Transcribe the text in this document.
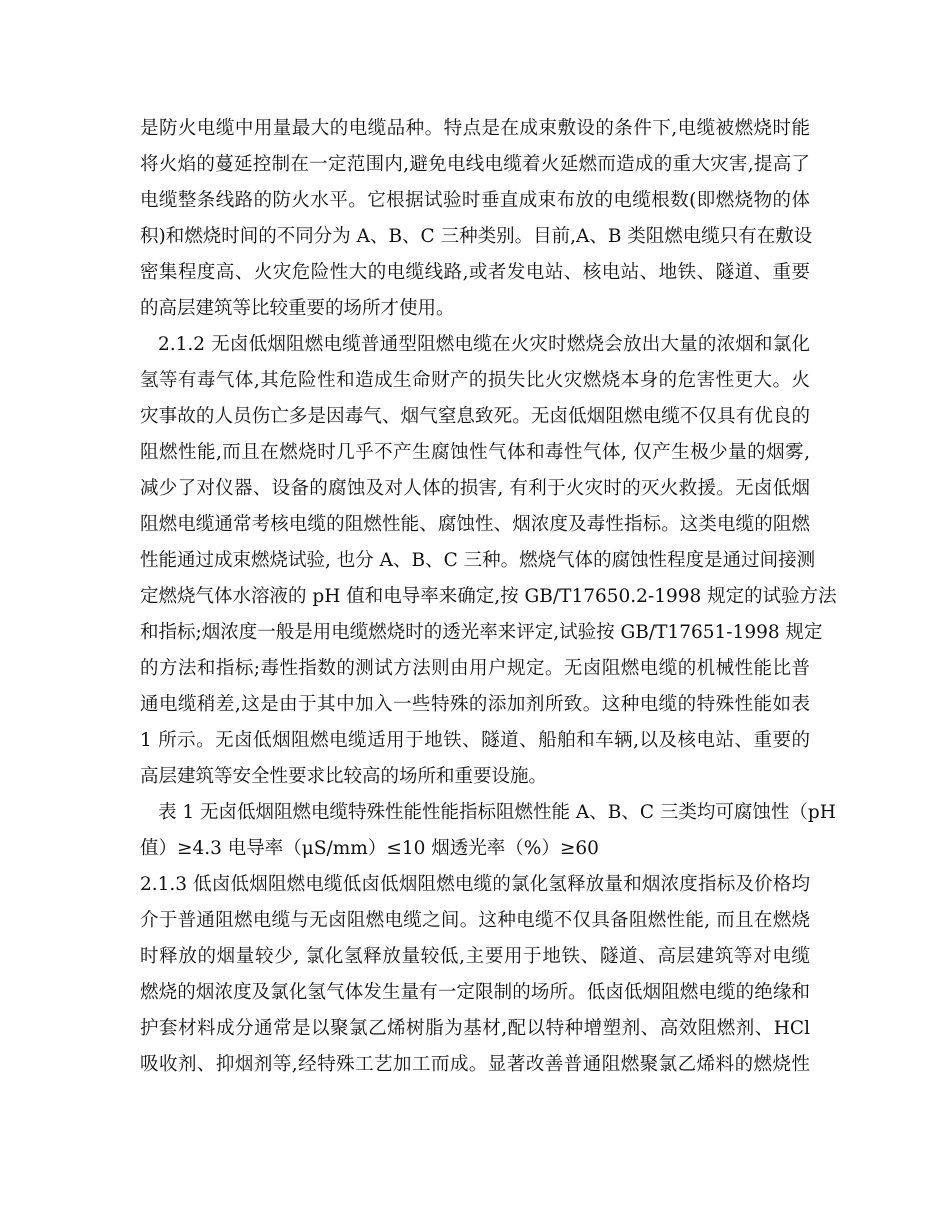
是防火电缆中用量最大的电缆品种。特点是在成束敷设的条件下,电缆被燃烧时能
将火焰的蔓延控制在一定范围内,避免电线电缆着火延燃而造成的重大灾害,提高了
电缆整条线路的防火水平。它根据试验时垂直成束布放的电缆根数(即燃烧物的体
积)和燃烧时间的不同分为 A、B、C 三种类别。目前,A、B 类阻燃电缆只有在敷设
密集程度高、火灾危险性大的电缆线路,或者发电站、核电站、地铁、隧道、重要
的高层建筑等比较重要的场所才使用。
2.1.2 无卤低烟阻燃电缆普通型阻燃电缆在火灾时燃烧会放出大量的浓烟和氯化
氢等有毒气体,其危险性和造成生命财产的损失比火灾燃烧本身的危害性更大。火
灾事故的人员伤亡多是因毒气、烟气窒息致死。无卤低烟阻燃电缆不仅具有优良的
阻燃性能,而且在燃烧时几乎不产生腐蚀性气体和毒性气体, 仅产生极少量的烟雾,
减少了对仪器、设备的腐蚀及对人体的损害, 有利于火灾时的灭火救援。无卤低烟
阻燃电缆通常考核电缆的阻燃性能、腐蚀性、烟浓度及毒性指标。这类电缆的阻燃
性能通过成束燃烧试验, 也分 A、B、C 三种。燃烧气体的腐蚀性程度是通过间接测
定燃烧气体水溶液的 pH 值和电导率来确定,按 GB/T17650.2-1998 规定的试验方法
和指标;烟浓度一般是用电缆燃烧时的透光率来评定,试验按 GB/T17651-1998 规定
的方法和指标;毒性指数的测试方法则由用户规定。无卤阻燃电缆的机械性能比普
通电缆稍差,这是由于其中加入一些特殊的添加剂所致。这种电缆的特殊性能如表
1 所示。无卤低烟阻燃电缆适用于地铁、隧道、船舶和车辆,以及核电站、重要的
高层建筑等安全性要求比较高的场所和重要设施。
表 1 无卤低烟阻燃电缆特殊性能性能指标阻燃性能 A、B、C 三类均可腐蚀性（pH
值）≥4.3 电导率（μS/mm）≤10 烟透光率（%）≥60
2.1.3 低卤低烟阻燃电缆低卤低烟阻燃电缆的氯化氢释放量和烟浓度指标及价格均
介于普通阻燃电缆与无卤阻燃电缆之间。这种电缆不仅具备阻燃性能, 而且在燃烧
时释放的烟量较少, 氯化氢释放量较低,主要用于地铁、隧道、高层建筑等对电缆
燃烧的烟浓度及氯化氢气体发生量有一定限制的场所。低卤低烟阻燃电缆的绝缘和
护套材料成分通常是以聚氯乙烯树脂为基材,配以特种增塑剂、高效阻燃剂、HCl
吸收剂、抑烟剂等,经特殊工艺加工而成。显著改善普通阻燃聚氯乙烯料的燃烧性
